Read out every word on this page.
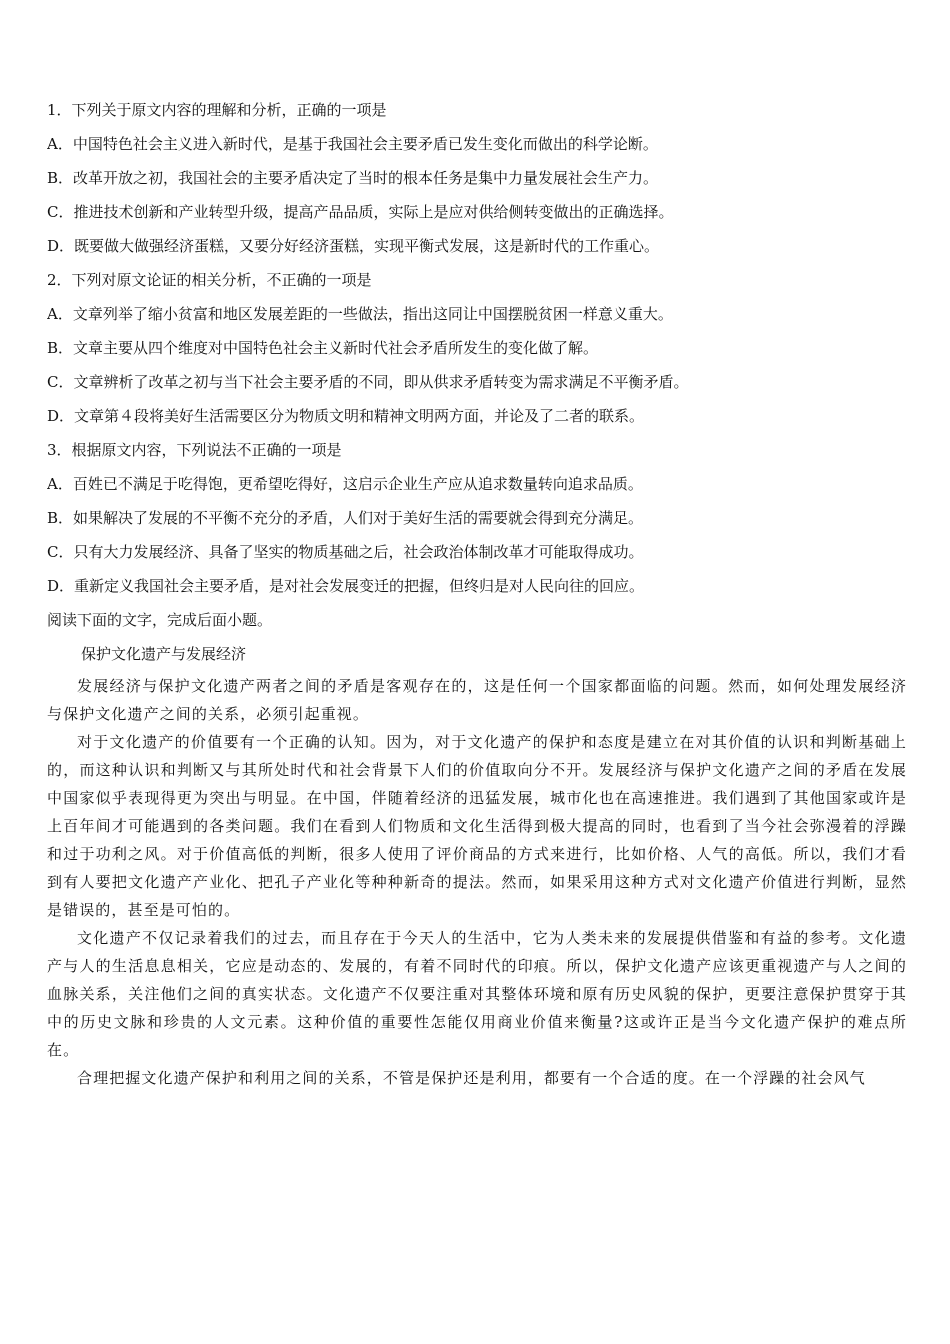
1．下列关于原文内容的理解和分析，正确的一项是
A．中国特色社会主义进入新时代，是基于我国社会主要矛盾已发生变化而做出的科学论断。
B．改革开放之初，我国社会的主要矛盾决定了当时的根本任务是集中力量发展社会生产力。
C．推进技术创新和产业转型升级，提高产品品质，实际上是应对供给侧转变做出的正确选择。
D．既要做大做强经济蛋糕，又要分好经济蛋糕，实现平衡式发展，这是新时代的工作重心。
2．下列对原文论证的相关分析，不正确的一项是
A．文章列举了缩小贫富和地区发展差距的一些做法，指出这同让中国摆脱贫困一样意义重大。
B．文章主要从四个维度对中国特色社会主义新时代社会矛盾所发生的变化做了解。
C．文章辨析了改革之初与当下社会主要矛盾的不同，即从供求矛盾转变为需求满足不平衡矛盾。
D．文章第４段将美好生活需要区分为物质文明和精神文明两方面，并论及了二者的联系。
3．根据原文内容，下列说法不正确的一项是
A．百姓已不满足于吃得饱，更希望吃得好，这启示企业生产应从追求数量转向追求品质。
B．如果解决了发展的不平衡不充分的矛盾，人们对于美好生活的需要就会得到充分满足。
C．只有大力发展经济、具备了坚实的物质基础之后，社会政治体制改革才可能取得成功。
D．重新定义我国社会主要矛盾，是对社会发展变迁的把握，但终归是对人民向往的回应。
阅读下面的文字，完成后面小题。
保护文化遗产与发展经济

发展经济与保护文化遗产两者之间的矛盾是客观存在的，这是任何一个国家都面临的问题。然而，如何处理发展经济与保护文化遗产之间的关系，必须引起重视。

对于文化遗产的价值要有一个正确的认知。因为，对于文化遗产的保护和态度是建立在对其价值的认识和判断基础上的，而这种认识和判断又与其所处时代和社会背景下人们的价值取向分不开。发展经济与保护文化遗产之间的矛盾在发展中国家似乎表现得更为突出与明显。在中国，伴随着经济的迅猛发展，城市化也在高速推进。我们遇到了其他国家或许是上百年间才可能遇到的各类问题。我们在看到人们物质和文化生活得到极大提高的同时，也看到了当今社会弥漫着的浮躁和过于功利之风。对于价值高低的判断，很多人使用了评价商品的方式来进行，比如价格、人气的高低。所以，我们才看到有人要把文化遗产产业化、把孔子产业化等种种新奇的提法。然而，如果采用这种方式对文化遗产价值进行判断，显然是错误的，甚至是可怕的。

文化遗产不仅记录着我们的过去，而且存在于今天人的生活中，它为人类未来的发展提供借鉴和有益的参考。文化遗产与人的生活息息相关，它应是动态的、发展的，有着不同时代的印痕。所以，保护文化遗产应该更重视遗产与人之间的血脉关系，关注他们之间的真实状态。文化遗产不仅要注重对其整体环境和原有历史风貌的保护，更要注意保护贯穿于其中的历史文脉和珍贵的人文元素。这种价值的重要性怎能仅用商业价值来衡量?这或许正是当今文化遗产保护的难点所在。

合理把握文化遗产保护和利用之间的关系，不管是保护还是利用，都要有一个合适的度。在一个浮躁的社会风气
